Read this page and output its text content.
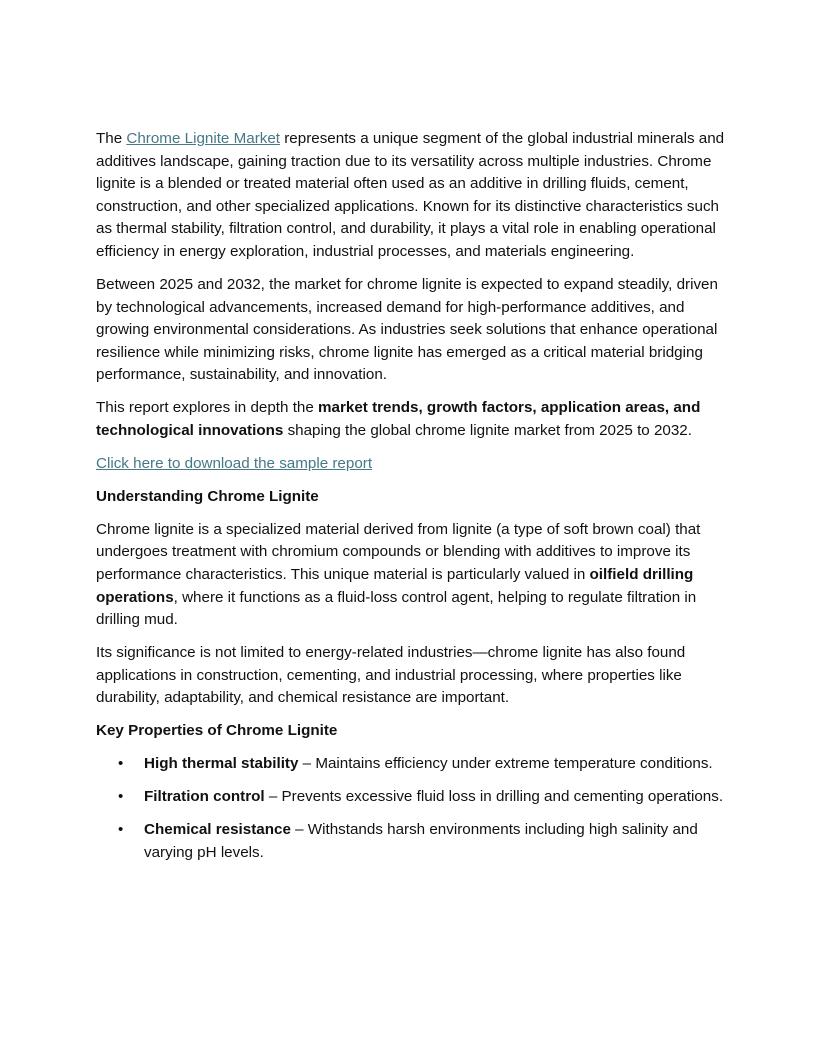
The Chrome Lignite Market represents a unique segment of the global industrial minerals and additives landscape, gaining traction due to its versatility across multiple industries. Chrome lignite is a blended or treated material often used as an additive in drilling fluids, cement, construction, and other specialized applications. Known for its distinctive characteristics such as thermal stability, filtration control, and durability, it plays a vital role in enabling operational efficiency in energy exploration, industrial processes, and materials engineering.

Between 2025 and 2032, the market for chrome lignite is expected to expand steadily, driven by technological advancements, increased demand for high-performance additives, and growing environmental considerations. As industries seek solutions that enhance operational resilience while minimizing risks, chrome lignite has emerged as a critical material bridging performance, sustainability, and innovation.

This report explores in depth the market trends, growth factors, application areas, and technological innovations shaping the global chrome lignite market from 2025 to 2032.

Click here to download the sample report

Understanding Chrome Lignite

Chrome lignite is a specialized material derived from lignite (a type of soft brown coal) that undergoes treatment with chromium compounds or blending with additives to improve its performance characteristics. This unique material is particularly valued in oilfield drilling operations, where it functions as a fluid-loss control agent, helping to regulate filtration in drilling mud.

Its significance is not limited to energy-related industries—chrome lignite has also found applications in construction, cementing, and industrial processing, where properties like durability, adaptability, and chemical resistance are important.

Key Properties of Chrome Lignite

• High thermal stability – Maintains efficiency under extreme temperature conditions.
• Filtration control – Prevents excessive fluid loss in drilling and cementing operations.
• Chemical resistance – Withstands harsh environments including high salinity and varying pH levels.
